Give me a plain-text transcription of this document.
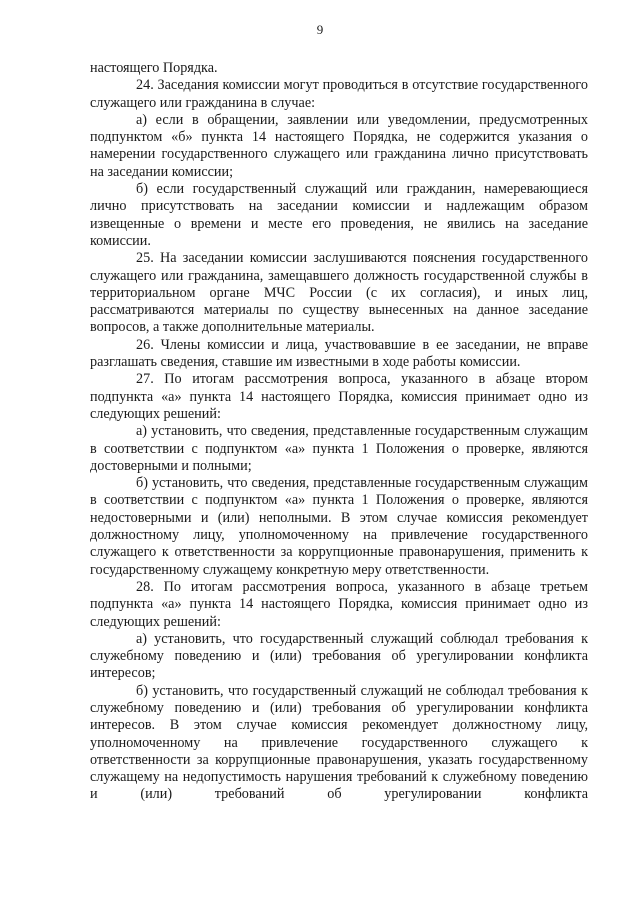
9

настоящего Порядка.

24. Заседания комиссии могут проводиться в отсутствие государственного служащего или гражданина в случае:

а) если в обращении, заявлении или уведомлении, предусмотренных подпунктом «б» пункта 14 настоящего Порядка, не содержится указания о намерении государственного служащего или гражданина лично присутствовать на заседании комиссии;

б) если государственный служащий или гражданин, намеревающиеся лично присутствовать на заседании комиссии и надлежащим образом извещенные о времени и месте его проведения, не явились на заседание комиссии.

25. На заседании комиссии заслушиваются пояснения государственного служащего или гражданина, замещавшего должность государственной службы в территориальном органе МЧС России (с их согласия), и иных лиц, рассматриваются материалы по существу вынесенных на данное заседание вопросов, а также дополнительные материалы.

26. Члены комиссии и лица, участвовавшие в ее заседании, не вправе разглашать сведения, ставшие им известными в ходе работы комиссии.

27. По итогам рассмотрения вопроса, указанного в абзаце втором подпункта «а» пункта 14 настоящего Порядка, комиссия принимает одно из следующих решений:

а) установить, что сведения, представленные государственным служащим в соответствии с подпунктом «а» пункта 1 Положения о проверке, являются достоверными и полными;

б) установить, что сведения, представленные государственным служащим в соответствии с подпунктом «а» пункта 1 Положения о проверке, являются недостоверными и (или) неполными. В этом случае комиссия рекомендует должностному лицу, уполномоченному на привлечение государственного служащего к ответственности за коррупционные правонарушения, применить к государственному служащему конкретную меру ответственности.

28. По итогам рассмотрения вопроса, указанного в абзаце третьем подпункта «а» пункта 14 настоящего Порядка, комиссия принимает одно из следующих решений:

а) установить, что государственный служащий соблюдал требования к служебному поведению и (или) требования об урегулировании конфликта интересов;

б) установить, что государственный служащий не соблюдал требования к служебному поведению и (или) требования об урегулировании конфликта интересов. В этом случае комиссия рекомендует должностному лицу, уполномоченному на привлечение государственного служащего к ответственности за коррупционные правонарушения, указать государственному служащему на недопустимость нарушения требований к служебному поведению и (или) требований об урегулировании конфликта
